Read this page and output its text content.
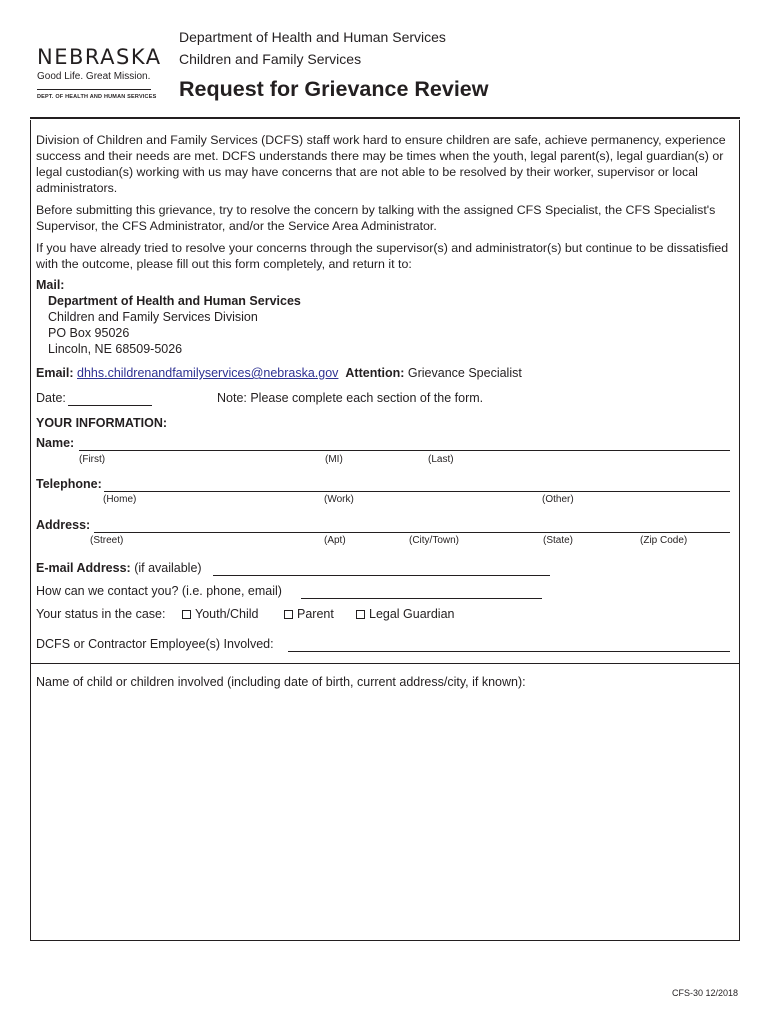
NEBRASKA
Good Life. Great Mission.
DEPT. OF HEALTH AND HUMAN SERVICES
Department of Health and Human Services
Children and Family Services
Request for Grievance Review
Division of Children and Family Services (DCFS) staff work hard to ensure children are safe, achieve permanency, experience success and their needs are met. DCFS understands there may be times when the youth, legal parent(s), legal guardian(s) or legal custodian(s) working with us may have concerns that are not able to be resolved by their worker, supervisor or local administrators.
Before submitting this grievance, try to resolve the concern by talking with the assigned CFS Specialist, the CFS Specialist's Supervisor, the CFS Administrator, and/or the Service Area Administrator.
If you have already tried to resolve your concerns through the supervisor(s) and administrator(s) but continue to be dissatisfied with the outcome, please fill out this form completely, and return it to:
Mail:
Department of Health and Human Services
Children and Family Services Division
PO Box 95026
Lincoln, NE 68509-5026
Email: dhhs.childrenandfamilyservices@nebraska.gov Attention: Grievance Specialist
Date:	Note: Please complete each section of the form.
YOUR INFORMATION:
Name:
(First)	(MI)	(Last)
Telephone:
(Home)	(Work)	(Other)
Address:
(Street)	(Apt)	(City/Town)	(State)	(Zip Code)
E-mail Address: (if available)
How can we contact you? (i.e. phone, email)
Your status in the case:	Youth/Child	Parent	Legal Guardian
DCFS or Contractor Employee(s) Involved:
Name of child or children involved (including date of birth, current address/city, if known):
CFS-30 12/2018
